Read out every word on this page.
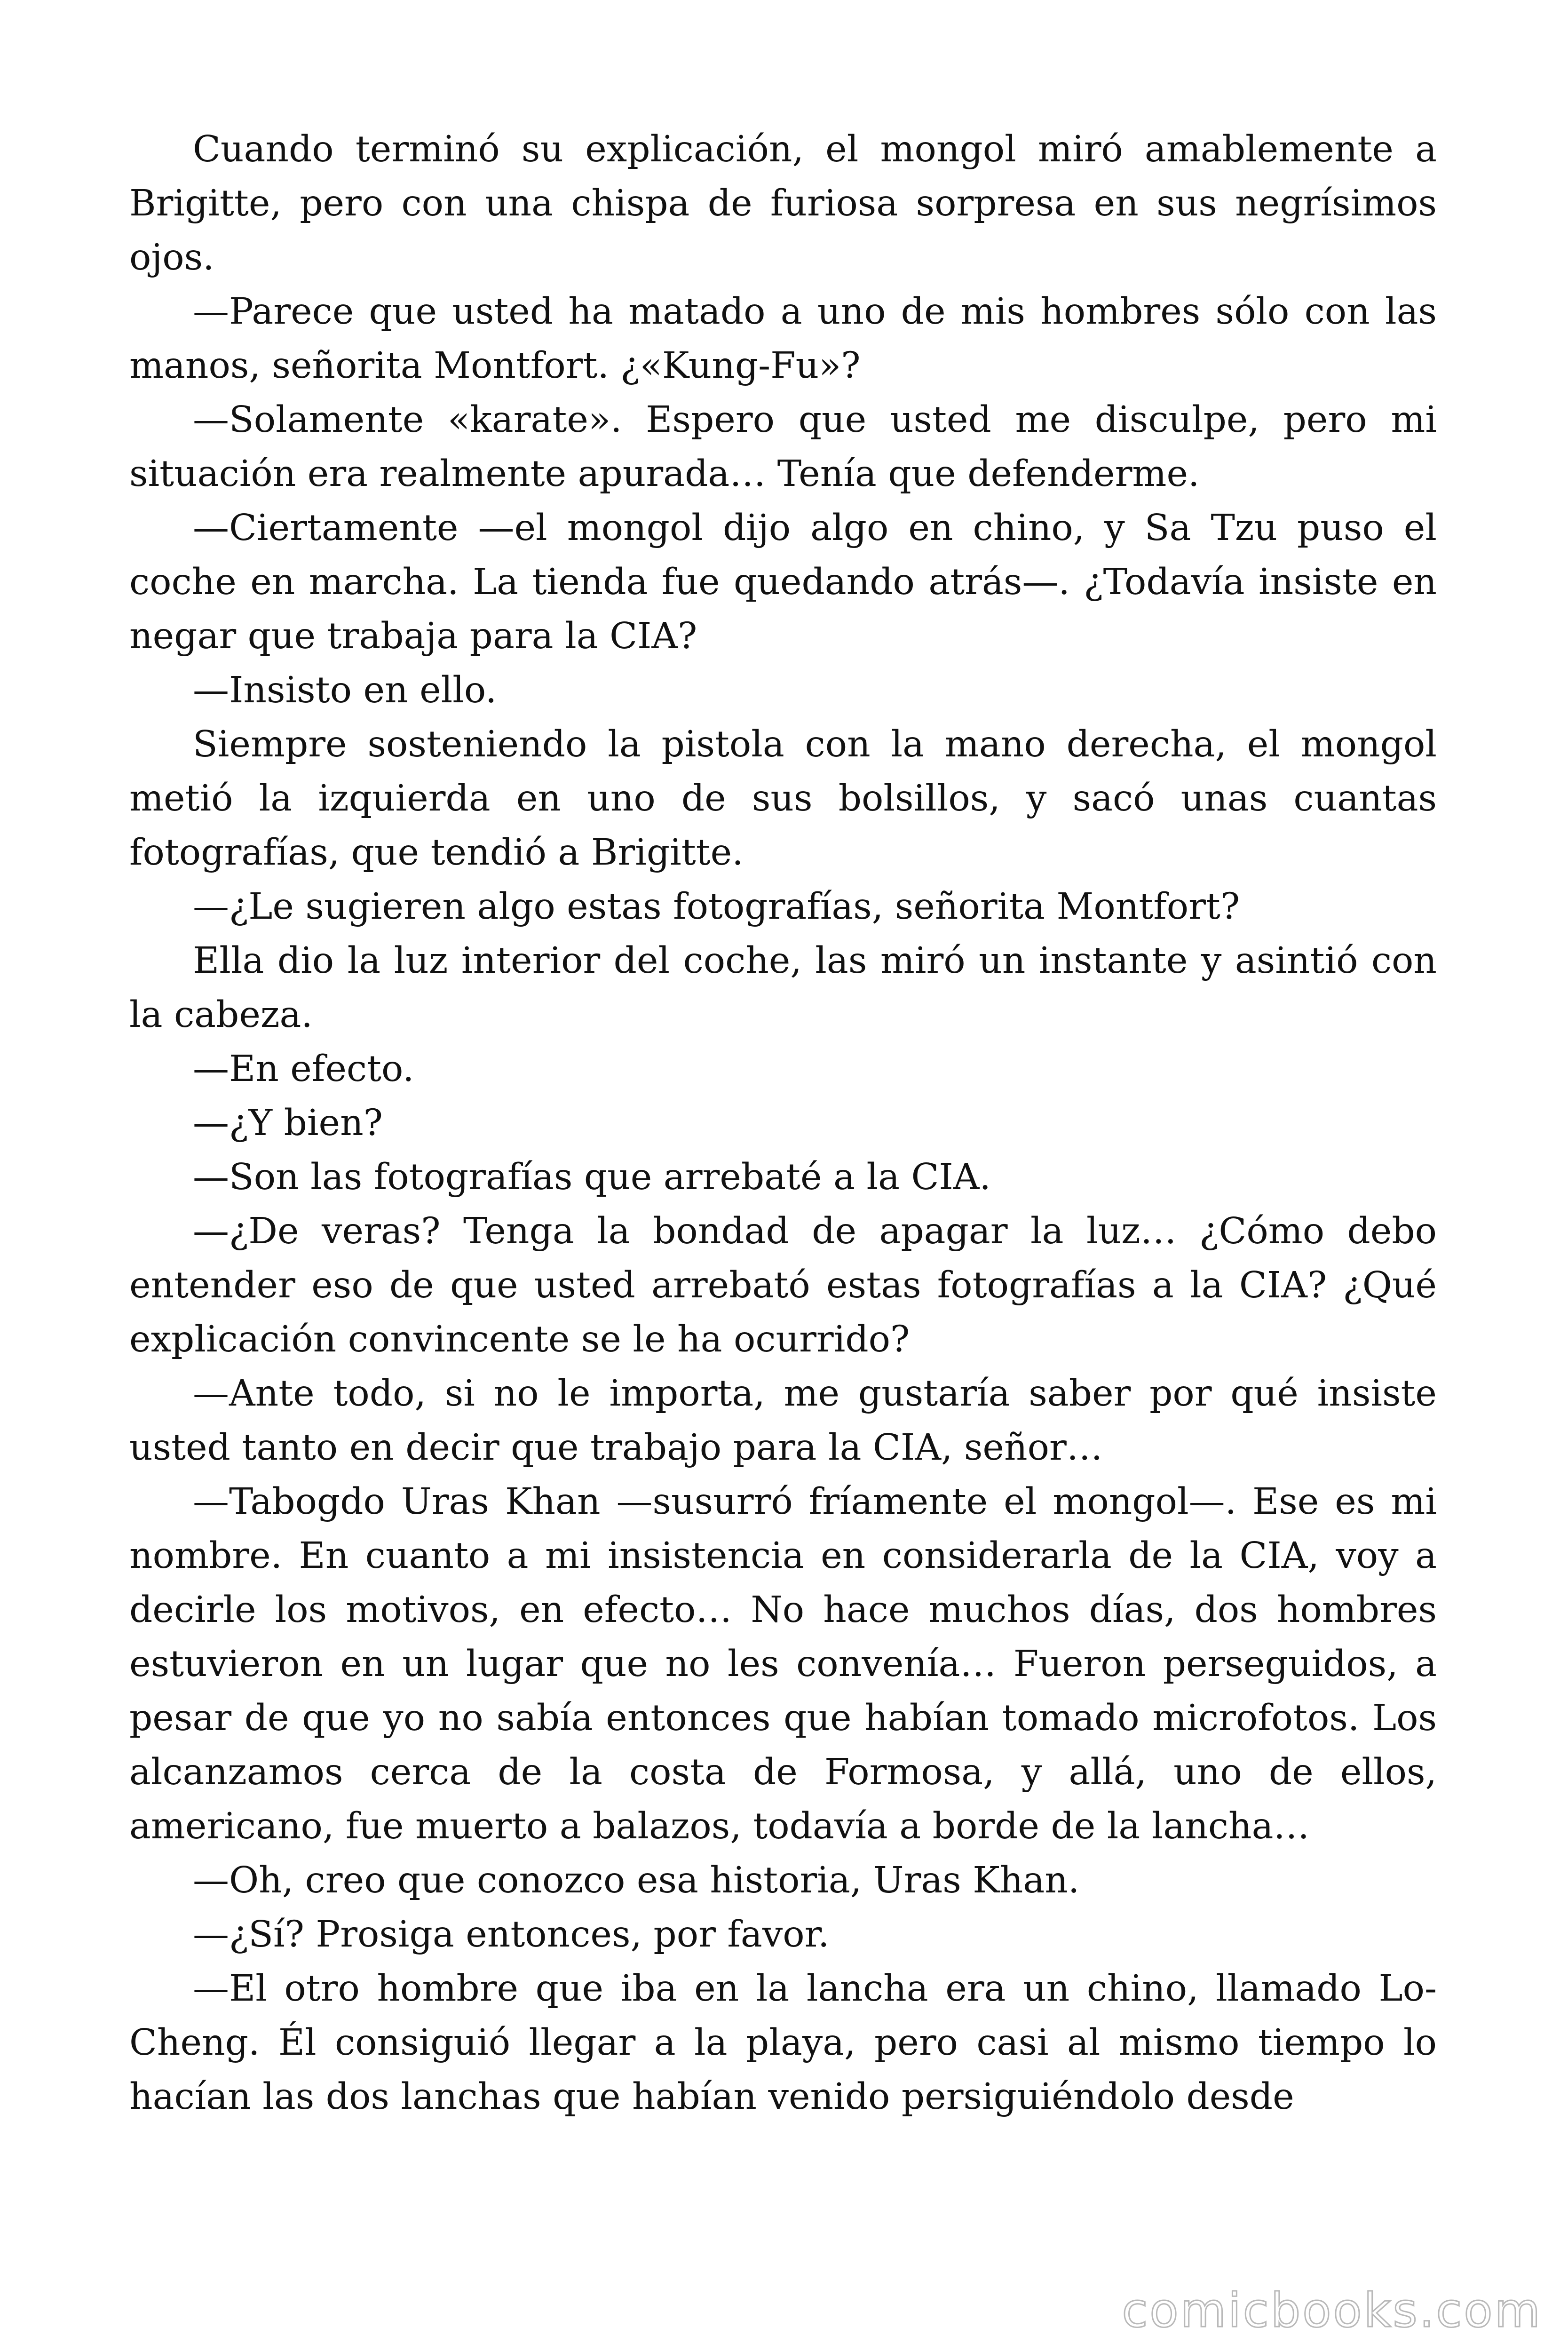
Cuando terminó su explicación, el mongol miró amablemente a Brigitte, pero con una chispa de furiosa sorpresa en sus negrísimos ojos.

—Parece que usted ha matado a uno de mis hombres sólo con las manos, señorita Montfort. ¿«Kung-Fu»?

—Solamente «karate». Espero que usted me disculpe, pero mi situación era realmente apurada… Tenía que defenderme.

—Ciertamente —el mongol dijo algo en chino, y Sa Tzu puso el coche en marcha. La tienda fue quedando atrás—. ¿Todavía insiste en negar que trabaja para la CIA?

—Insisto en ello.

Siempre sosteniendo la pistola con la mano derecha, el mongol metió la izquierda en uno de sus bolsillos, y sacó unas cuantas fotografías, que tendió a Brigitte.

—¿Le sugieren algo estas fotografías, señorita Montfort?

Ella dio la luz interior del coche, las miró un instante y asintió con la cabeza.

—En efecto.

—¿Y bien?

—Son las fotografías que arrebaté a la CIA.

—¿De veras? Tenga la bondad de apagar la luz… ¿Cómo debo entender eso de que usted arrebató estas fotografías a la CIA? ¿Qué explicación convincente se le ha ocurrido?

—Ante todo, si no le importa, me gustaría saber por qué insiste usted tanto en decir que trabajo para la CIA, señor…

—Tabogdo Uras Khan —susurró fríamente el mongol—. Ese es mi nombre. En cuanto a mi insistencia en considerarla de la CIA, voy a decirle los motivos, en efecto… No hace muchos días, dos hombres estuvieron en un lugar que no les convenía… Fueron perseguidos, a pesar de que yo no sabía entonces que habían tomado microfotos. Los alcanzamos cerca de la costa de Formosa, y allá, uno de ellos, americano, fue muerto a balazos, todavía a borde de la lancha…

—Oh, creo que conozco esa historia, Uras Khan.

—¿Sí? Prosiga entonces, por favor.

—El otro hombre que iba en la lancha era un chino, llamado Lo-Cheng. Él consiguió llegar a la playa, pero casi al mismo tiempo lo hacían las dos lanchas que habían venido persiguiéndolo desde

comicbooks.com
